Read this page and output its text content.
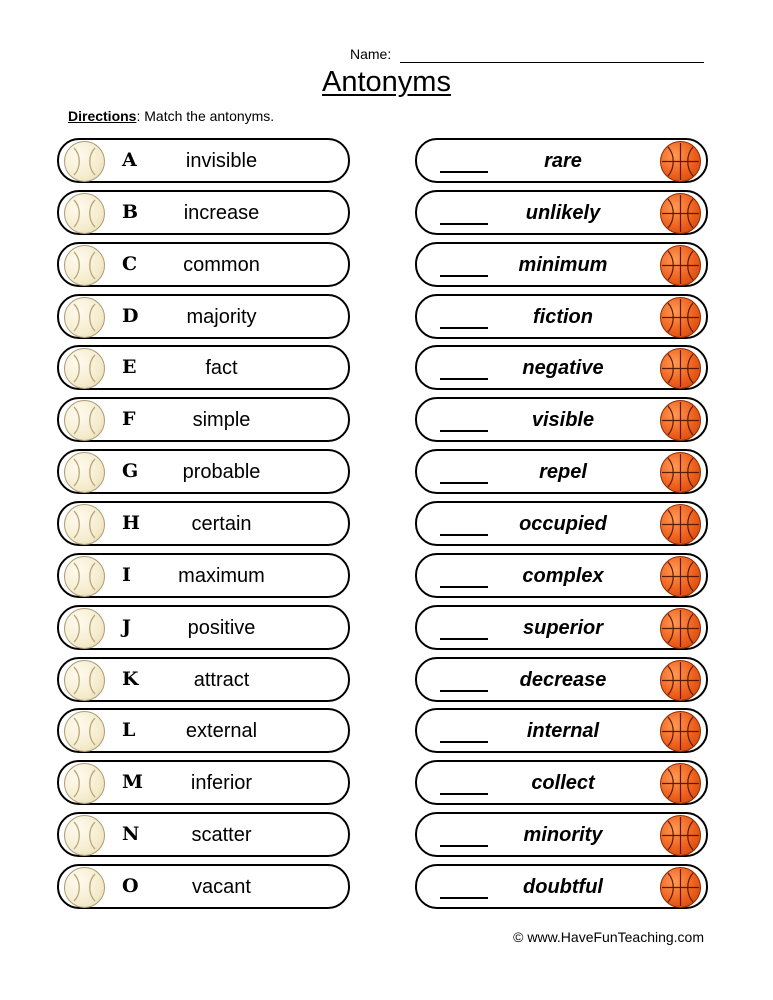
Name:
Antonyms
Directions: Match the antonyms.
A	invisible
B	increase
C	common
D	majority
E	fact
F	simple
G	probable
H	certain
I	maximum
J	positive
K	attract
L	external
M	inferior
N	scatter
O	vacant
rare
unlikely
minimum
fiction
negative
visible
repel
occupied
complex
superior
decrease
internal
collect
minority
doubtful
© www.HaveFunTeaching.com
